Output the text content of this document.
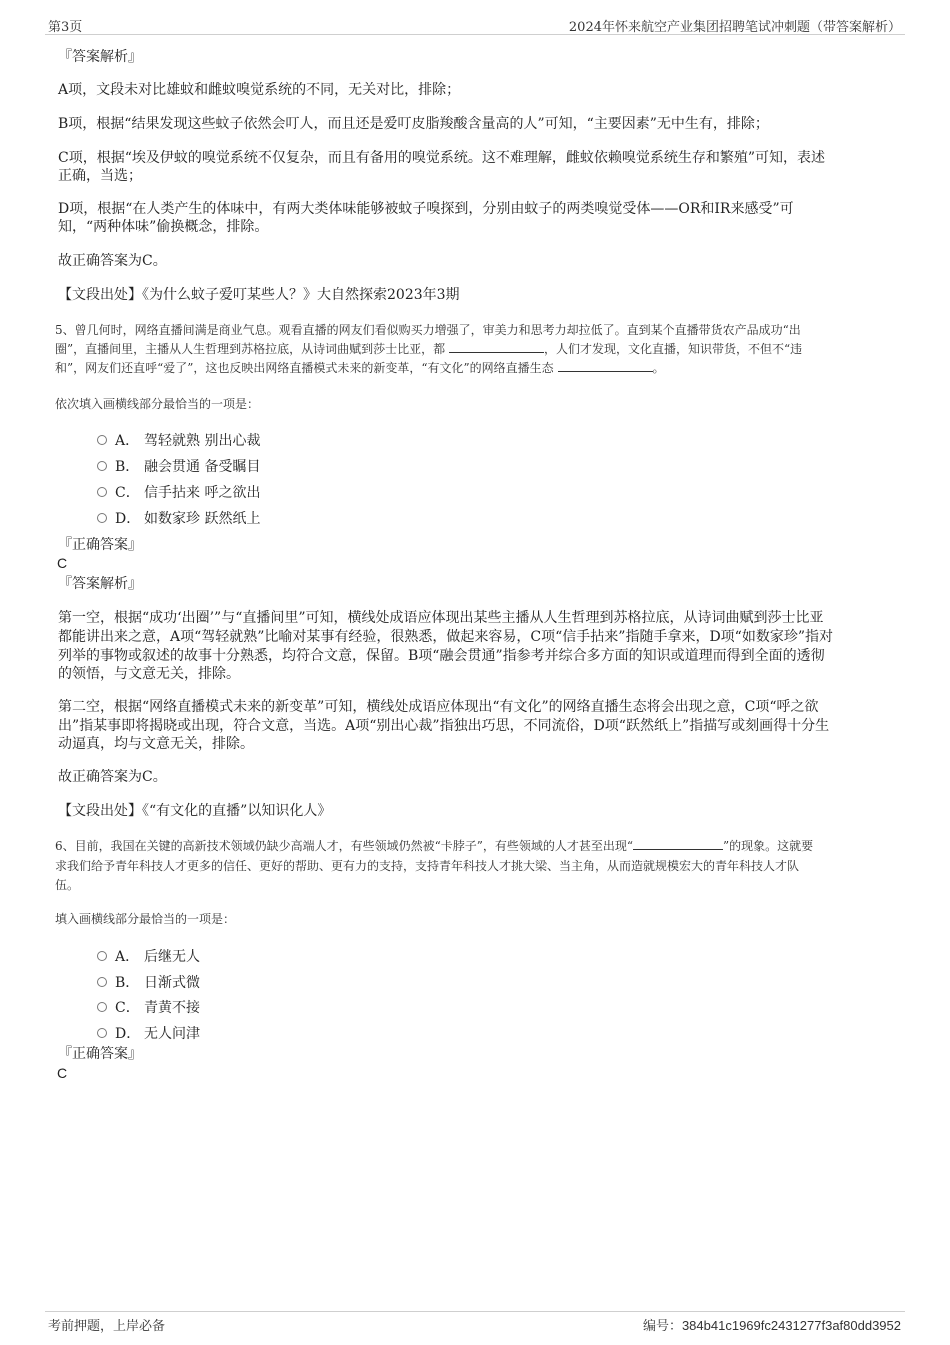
第3页	2024年怀来航空产业集团招聘笔试冲刺题（带答案解析）

『答案解析』

A项，文段未对比雄蚊和雌蚊嗅觉系统的不同，无关对比，排除；

B项，根据“结果发现这些蚊子依然会叮人，而且还是爱叮皮脂羧酸含量高的人”可知，“主要因素”无中生有，排除；

C项，根据“埃及伊蚊的嗅觉系统不仅复杂，而且有备用的嗅觉系统。这不难理解，雌蚊依赖嗅觉系统生存和繁殖”可知，表述

正确，当选；

D项，根据“在人类产生的体味中，有两大类体味能够被蚊子嗅探到，分别由蚊子的两类嗅觉受体——OR和IR来感受”可

知，“两种体味”偷换概念，排除。

故正确答案为C。

【文段出处】《为什么蚊子爱叮某些人？》大自然探索2023年3期

5、曾几何时，网络直播间满是商业气息。观看直播的网友们看似购买力增强了，审美力和思考力却拉低了。直到某个直播带货农产品成功“出

圈”，直播间里，主播从人生哲理到苏格拉底，从诗词曲赋到莎士比亚，都	，人们才发现，文化直播，知识带货，不但不“违

和”，网友们还直呼“爱了”，这也反映出网络直播模式未来的新变革，“有文化”的网络直播生态	。

依次填入画横线部分最恰当的一项是：

A． 驾轻就熟 别出心裁
B． 融会贯通 备受瞩目
C． 信手拈来 呼之欲出
D． 如数家珍 跃然纸上

『正确答案』

C

『答案解析』

第一空，根据“成功‘出圈’”与“直播间里”可知，横线处成语应体现出某些主播从人生哲理到苏格拉底，从诗词曲赋到莎士比亚

都能讲出来之意，A项“驾轻就熟”比喻对某事有经验，很熟悉，做起来容易，C项“信手拈来”指随手拿来，D项“如数家珍”指对

列举的事物或叙述的故事十分熟悉，均符合文意，保留。B项“融会贯通”指参考并综合多方面的知识或道理而得到全面的透彻

的领悟，与文意无关，排除。

第二空，根据“网络直播模式未来的新变革”可知，横线处成语应体现出“有文化”的网络直播生态将会出现之意，C项“呼之欲

出”指某事即将揭晓或出现，符合文意，当选。A项“别出心裁”指独出巧思，不同流俗，D项“跃然纸上”指描写或刻画得十分生

动逼真，均与文意无关，排除。

故正确答案为C。

【文段出处】《“有文化的直播”以知识化人》

6、目前，我国在关键的高新技术领域仍缺少高端人才，有些领域仍然被“卡脖子”，有些领域的人才甚至出现“	”的现象。这就要

求我们给予青年科技人才更多的信任、更好的帮助、更有力的支持，支持青年科技人才挑大梁、当主角，从而造就规模宏大的青年科技人才队

伍。

填入画横线部分最恰当的一项是：

A． 后继无人
B． 日渐式微
C． 青黄不接
D． 无人问津

『正确答案』

C

考前押题，上岸必备	编号：384b41c1969fc2431277f3af80dd3952
